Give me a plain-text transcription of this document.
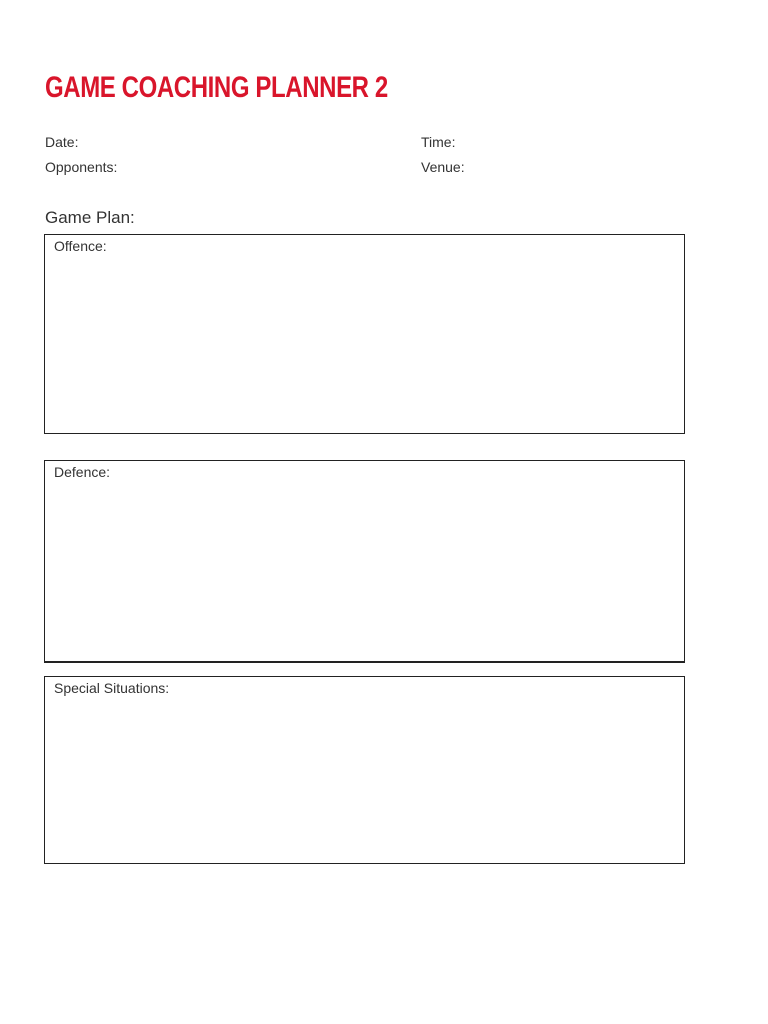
GAME COACHING PLANNER 2
Date:	Time:
Opponents:	Venue:
Game Plan:
Offence:
Defence:
Special Situations:
